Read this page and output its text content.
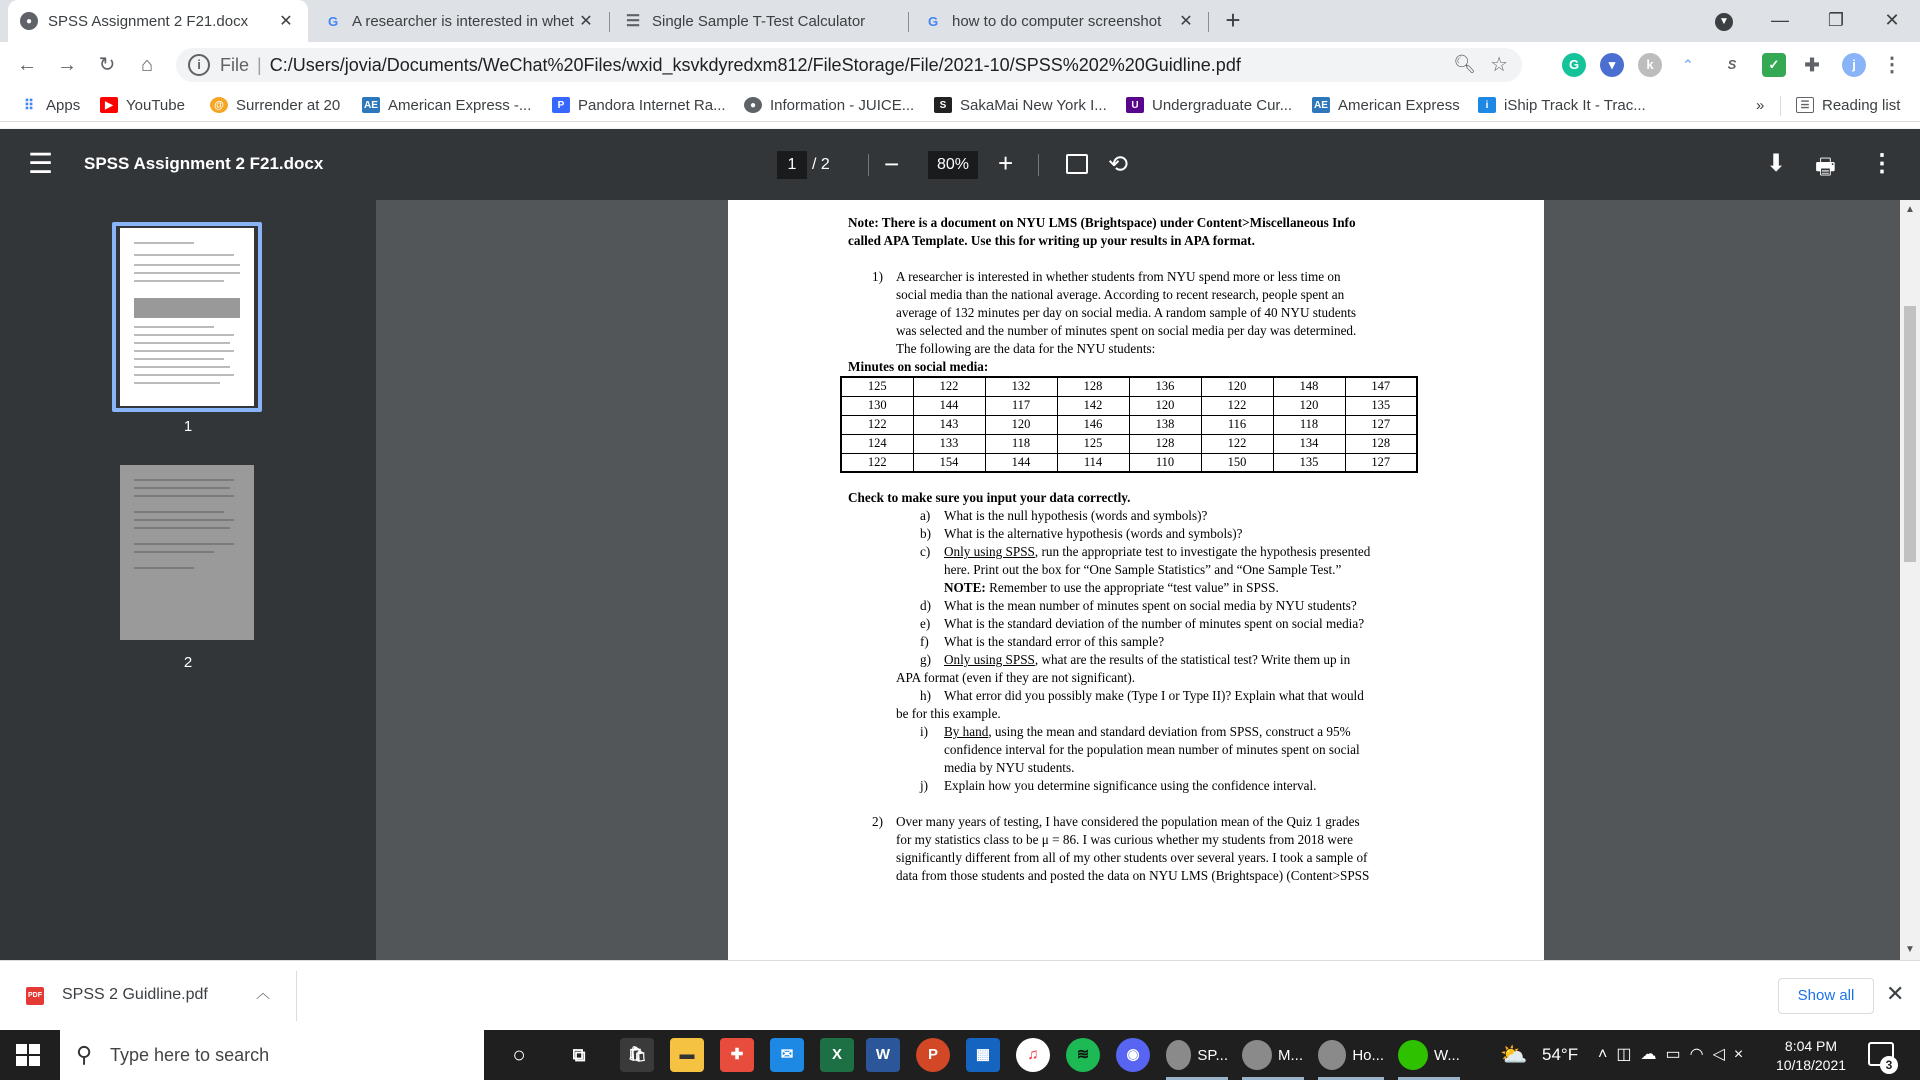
●	SPSS Assignment 2 F21.docx	✕	G A researcher is interested in whet ✕ ☰ Single Sample T-Test Calculator	G how to do computer screenshot	✕ +	▼	—	❐	✕
← →	↻	⌂	i	File | C:/Users/jovia/Documents/WeChat%20Files/wxid_ksvkdyredxm812/FileStorage/File/2021-10/SPSS%202%20Guidline.pdf	🔍︎ ☆	G	▾	k	⌃	S	✓	✚	j	⋮
⠿ Apps	▶ YouTube	@ Surrender at 20 AE American Express -...	P Pandora Internet Ra...	● Information - JUICE...	S SakaMai New York I...	U Undergraduate Cur... AE American Express	i	iShip Track It - Trac...	»	☰ Reading list
☰ SPSS Assignment 2 F21.docx	1 / 2 −	80%	+	⟲	⬇ 🖶︎ ⋮
1
2
Note: There is a document on NYU LMS (Brightspace) under Content>Miscellaneous Info
called APA Template. Use this for writing up your results in APA format.
1) A researcher is interested in whether students from NYU spend more or less time on
social media than the national average. According to recent research, people spent an
average of 132 minutes per day on social media. A random sample of 40 NYU students
was selected and the number of minutes spent on social media per day was determined.
The following are the data for the NYU students:
Minutes on social media:
125	122	132	128	136	120	148	147
130	144	117	142	120	122	120	135
122	143	120	146	138	116	118	127
124	133	118	125	128	122	134	128
122	154	144	114	110	150	135	127
Check to make sure you input your data correctly.
a) What is the null hypothesis (words and symbols)?
b) What is the alternative hypothesis (words and symbols)?
c) Only using SPSS, run the appropriate test to investigate the hypothesis presented
here. Print out the box for “One Sample Statistics” and “One Sample Test.”
NOTE: Remember to use the appropriate “test value” in SPSS.
d) What is the mean number of minutes spent on social media by NYU students?
e) What is the standard deviation of the number of minutes spent on social media?
f) What is the standard error of this sample?
g) Only using SPSS, what are the results of the statistical test? Write them up in
APA format (even if they are not significant).
h) What error did you possibly make (Type I or Type II)? Explain what that would
be for this example.
i) By hand, using the mean and standard deviation from SPSS, construct a 95%
confidence interval for the population mean number of minutes spent on social
media by NYU students.
j) Explain how you determine significance using the confidence interval.
2) Over many years of testing, I have considered the population mean of the Quiz 1 grades
for my statistics class to be μ = 86. I was curious whether my students from 2018 were
significantly different from all of my other students over several years. I took a sample of
data from those students and posted the data on NYU LMS (Brightspace) (Content>SPSS
▲
▼
PDF SPSS 2 Guidline.pdf	︿	Show all	✕
⚲ Type here to search	○	⧉	🛍︎	▬	✚	✉	X	W	P	▦	♫	≋	◉	SP...	M...	Ho...	W... ⛅ 54°F ˄◫☁▭◠◁×	8:04 PM
10/18/2021	3
